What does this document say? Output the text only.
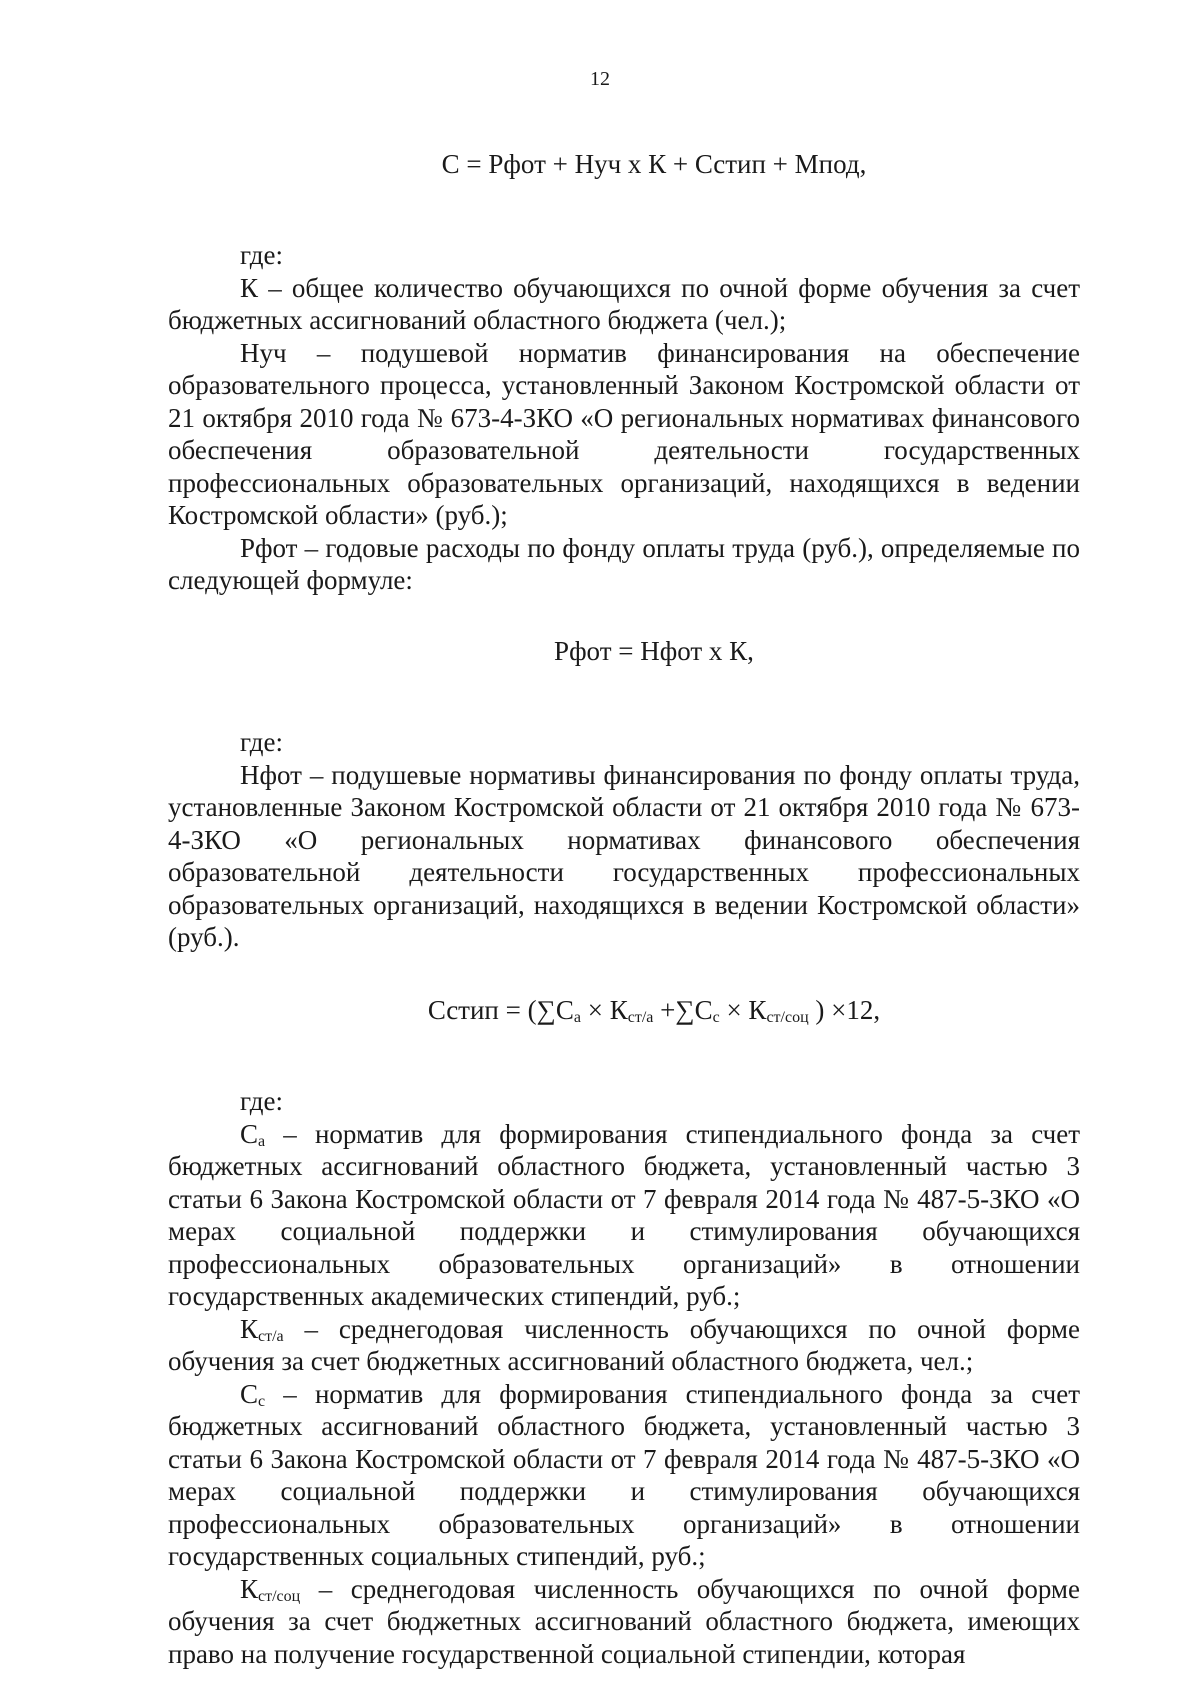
12

С = Рфот + Нуч х К + Сстип + Мпод,

где:

К – общее количество обучающихся по очной форме обучения за счет бюджетных ассигнований областного бюджета (чел.);

Нуч – подушевой норматив финансирования на обеспечение образовательного процесса, установленный Законом Костромской области от 21 октября 2010 года № 673-4-ЗКО «О региональных нормативах финансового обеспечения образовательной деятельности государственных профессиональных образовательных организаций, находящихся в ведении Костромской области» (руб.);

Рфот – годовые расходы по фонду оплаты труда (руб.), определяемые по следующей формуле:

Рфот = Нфот х К,

где:

Нфот – подушевые нормативы финансирования по фонду оплаты труда, установленные Законом Костромской области от 21 октября 2010 года № 673-4-ЗКО «О региональных нормативах финансового обеспечения образовательной деятельности государственных профессиональных образовательных организаций, находящихся в ведении Костромской области» (руб.).

Сстип = ($\sum С_а \times К_{ст/а} +\sum С_с \times К_{ст/соц}$ ) ×12,

где:

$С_а$ – норматив для формирования стипендиального фонда за счет бюджетных ассигнований областного бюджета, установленный частью 3 статьи 6 Закона Костромской области от 7 февраля 2014 года № 487-5-ЗКО «О мерах социальной поддержки и стимулирования обучающихся профессиональных образовательных организаций» в отношении государственных академических стипендий, руб.;

$К_{ст/а}$ – среднегодовая численность обучающихся по очной форме обучения за счет бюджетных ассигнований областного бюджета, чел.;

$С_с$ – норматив для формирования стипендиального фонда за счет бюджетных ассигнований областного бюджета, установленный частью 3 статьи 6 Закона Костромской области от 7 февраля 2014 года № 487-5-ЗКО «О мерах социальной поддержки и стимулирования обучающихся профессиональных образовательных организаций» в отношении государственных социальных стипендий, руб.;

$К_{ст/соц}$ – среднегодовая численность обучающихся по очной форме обучения за счет бюджетных ассигнований областного бюджета, имеющих право на получение государственной социальной стипендии, которая
